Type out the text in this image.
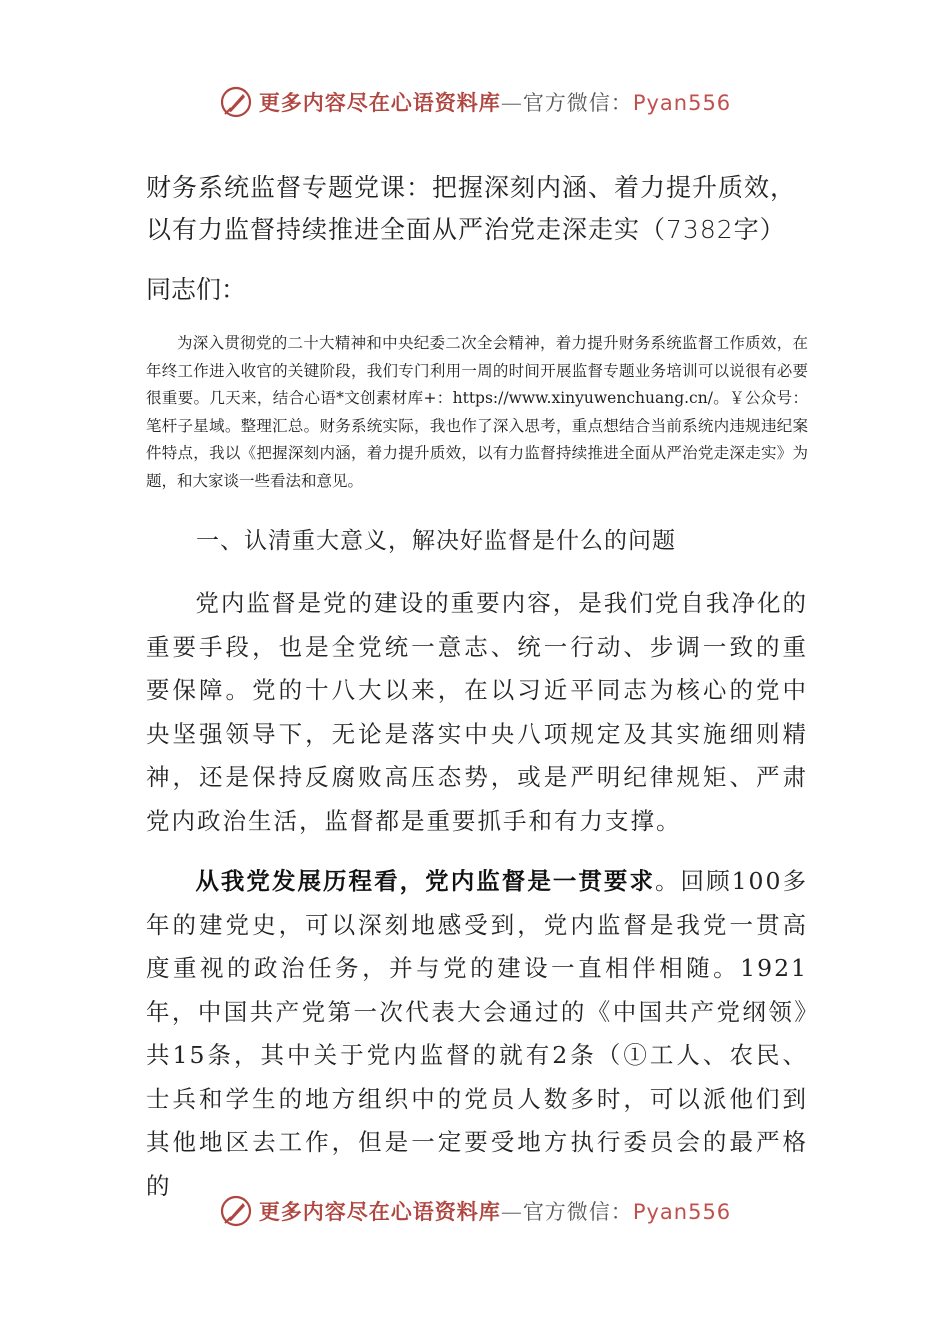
更多内容尽在心语资料库—官方微信：Pyan556
财务系统监督专题党课：把握深刻内涵、着力提升质效，
以有力监督持续推进全面从严治党走深走实（7382字）
同志们：
为深入贯彻党的二十大精神和中央纪委二次全会精神，着力提升财务系统监督工作质效，在年终工作进入收官的关键阶段，我们专门利用一周的时间开展监督专题业务培训可以说很有必要很重要。几天来，结合心语*文创素材库+：https://www.xinyuwenchuang.cn/。￥公众号：笔杆子星域。整理汇总。财务系统实际，我也作了深入思考，重点想结合当前系统内违规违纪案件特点，我以《把握深刻内涵，着力提升质效，以有力监督持续推进全面从严治党走深走实》为题，和大家谈一些看法和意见。
一、认清重大意义，解决好监督是什么的问题
党内监督是党的建设的重要内容，是我们党自我净化的重要手段，也是全党统一意志、统一行动、步调一致的重要保障。党的十八大以来，在以习近平同志为核心的党中央坚强领导下，无论是落实中央八项规定及其实施细则精神，还是保持反腐败高压态势，或是严明纪律规矩、严肃党内政治生活，监督都是重要抓手和有力支撑。
从我党发展历程看，党内监督是一贯要求。回顾100多年的建党史，可以深刻地感受到，党内监督是我党一贯高度重视的政治任务，并与党的建设一直相伴相随。1921年，中国共产党第一次代表大会通过的《中国共产党纲领》共15条，其中关于党内监督的就有2条（①工人、农民、士兵和学生的地方组织中的党员人数多时，可以派他们到其他地区去工作，但是一定要受地方执行委员会的最严格的
更多内容尽在心语资料库—官方微信：Pyan556
